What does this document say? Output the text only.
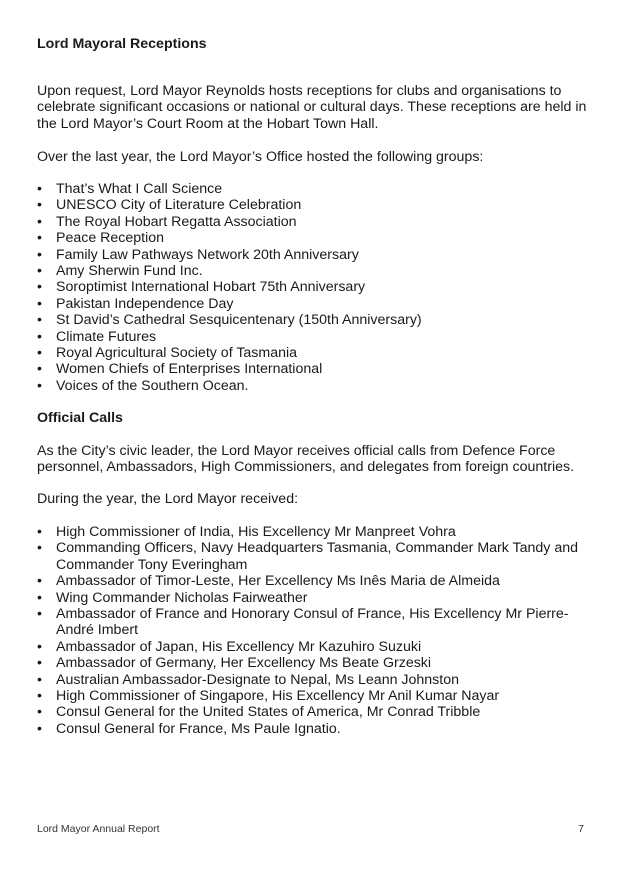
Lord Mayoral Receptions

Upon request, Lord Mayor Reynolds hosts receptions for clubs and organisations to celebrate significant occasions or national or cultural days. These receptions are held in the Lord Mayor’s Court Room at the Hobart Town Hall.

Over the last year, the Lord Mayor’s Office hosted the following groups:

• That’s What I Call Science
• UNESCO City of Literature Celebration
• The Royal Hobart Regatta Association
• Peace Reception
• Family Law Pathways Network 20th Anniversary
• Amy Sherwin Fund Inc.
• Soroptimist International Hobart 75th Anniversary
• Pakistan Independence Day
• St David’s Cathedral Sesquicentenary (150th Anniversary)
• Climate Futures
• Royal Agricultural Society of Tasmania
• Women Chiefs of Enterprises International
• Voices of the Southern Ocean.
Official Calls

As the City’s civic leader, the Lord Mayor receives official calls from Defence Force personnel, Ambassadors, High Commissioners, and delegates from foreign countries.

During the year, the Lord Mayor received:

• High Commissioner of India, His Excellency Mr Manpreet Vohra
• Commanding Officers, Navy Headquarters Tasmania, Commander Mark Tandy and Commander Tony Everingham
• Ambassador of Timor-Leste, Her Excellency Ms Inês Maria de Almeida
• Wing Commander Nicholas Fairweather
• Ambassador of France and Honorary Consul of France, His Excellency Mr Pierre-André Imbert
• Ambassador of Japan, His Excellency Mr Kazuhiro Suzuki
• Ambassador of Germany, Her Excellency Ms Beate Grzeski
• Australian Ambassador-Designate to Nepal, Ms Leann Johnston
• High Commissioner of Singapore, His Excellency Mr Anil Kumar Nayar
• Consul General for the United States of America, Mr Conrad Tribble
• Consul General for France, Ms Paule Ignatio.
Lord Mayor Annual Report	7
